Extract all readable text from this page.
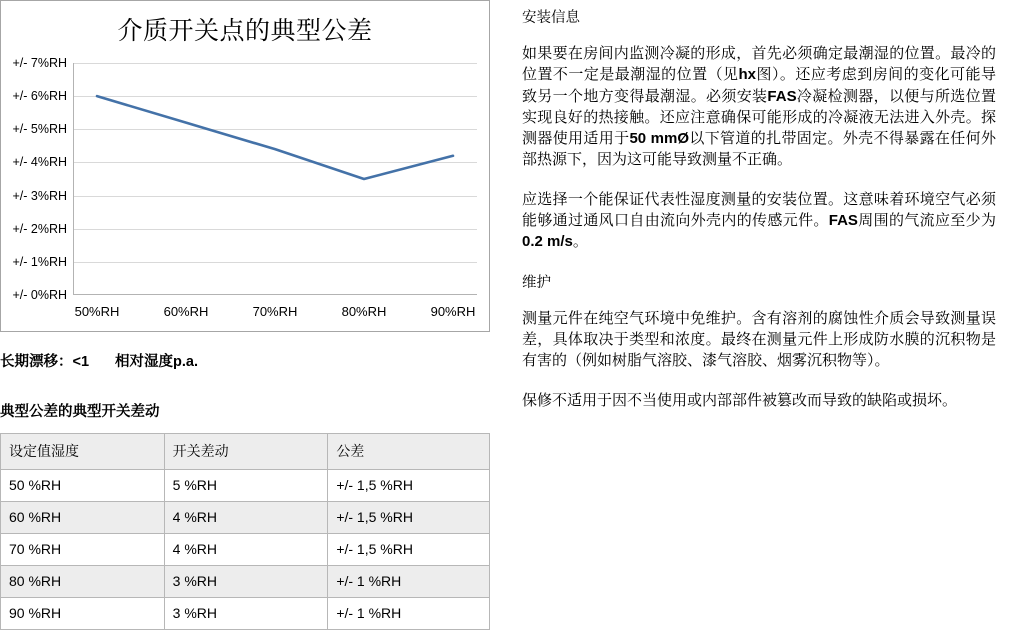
介质开关点的典型公差
+/- 7%RH
+/- 6%RH
+/- 5%RH
+/- 4%RH
+/- 3%RH
+/- 2%RH
+/- 1%RH
+/- 0%RH
50%RH	60%RH	70%RH	80%RH	90%RH
长期漂移：<1 相对湿度p.a.
典型公差的典型开关差动
设定值湿度	开关差动	公差
50 %RH	5 %RH	+/- 1,5 %RH
60 %RH	4 %RH	+/- 1,5 %RH
70 %RH	4 %RH	+/- 1,5 %RH
80 %RH	3 %RH	+/- 1 %RH
90 %RH	3 %RH	+/- 1 %RH
安装信息

如果要在房间内监测冷凝的形成，首先必须确定最潮湿的位置。最冷的位置不一定是最潮湿的位置（见hx图）。还应考虑到房间的变化可能导致另一个地方变得最潮湿。必须安装FAS冷凝检测器，以便与所选位置实现良好的热接触。还应注意确保可能形成的冷凝液无法进入外壳。探测器使用适用于50 mmØ以下管道的扎带固定。外壳不得暴露在任何外部热源下，因为这可能导致测量不正确。

应选择一个能保证代表性湿度测量的安装位置。这意味着环境空气必须能够通过通风口自由流向外壳内的传感元件。FAS周围的气流应至少为0.2 m/s。

维护

测量元件在纯空气环境中免维护。含有溶剂的腐蚀性介质会导致测量误差，具体取决于类型和浓度。最终在测量元件上形成防水膜的沉积物是有害的（例如树脂气溶胶、漆气溶胶、烟雾沉积物等）。

保修不适用于因不当使用或内部部件被篡改而导致的缺陷或损坏。
